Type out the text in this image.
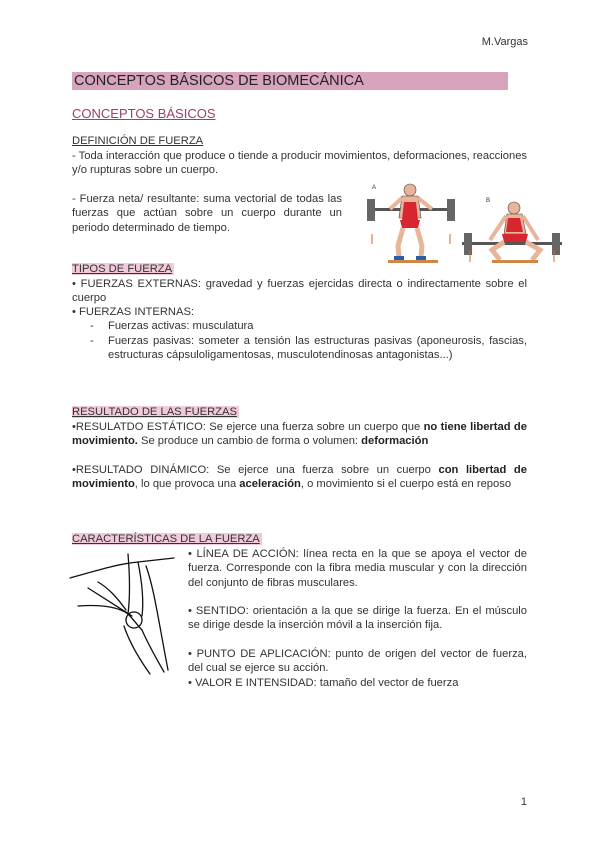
M.Vargas
CONCEPTOS BÁSICOS DE BIOMECÁNICA
CONCEPTOS BÁSICOS
DEFINICIÓN DE FUERZA
- Toda interacción que produce o tiende a producir movimientos, deformaciones, reacciones y/o rupturas sobre un cuerpo.
- Fuerza neta/ resultante: suma vectorial de todas las fuerzas que actúan sobre un cuerpo durante un periodo determinado de tiempo.
A
B
TIPOS DE FUERZA
• FUERZAS EXTERNAS: gravedad y fuerzas ejercidas directa o indirectamente sobre el cuerpo
• FUERZAS INTERNAS:
-	Fuerzas activas: musculatura
-	Fuerzas pasivas: someter a tensión las estructuras pasivas (aponeurosis, fascias, estructuras cápsuloligamentosas, musculotendinosas antagonistas...)
RESULTADO DE LAS FUERZAS
•RESULATDO ESTÁTICO: Se ejerce una fuerza sobre un cuerpo que no tiene libertad de movimiento. Se produce un cambio de forma o volumen: deformación
•RESULTADO DINÁMICO: Se ejerce una fuerza sobre un cuerpo con libertad de movimiento, lo que provoca una aceleración, o movimiento si el cuerpo está en reposo
CARACTERÍSTICAS DE LA FUERZA
• LÍNEA DE ACCIÓN: línea recta en la que se apoya el vector de fuerza. Corresponde con la fibra media muscular y con la dirección del conjunto de fibras musculares.
• SENTIDO: orientación a la que se dirige la fuerza. En el músculo se dirige desde la inserción móvil a la inserción fija.
• PUNTO DE APLICACIÓN: punto de origen del vector de fuerza, del cual se ejerce su acción.
• VALOR E INTENSIDAD: tamaño del vector de fuerza
1
